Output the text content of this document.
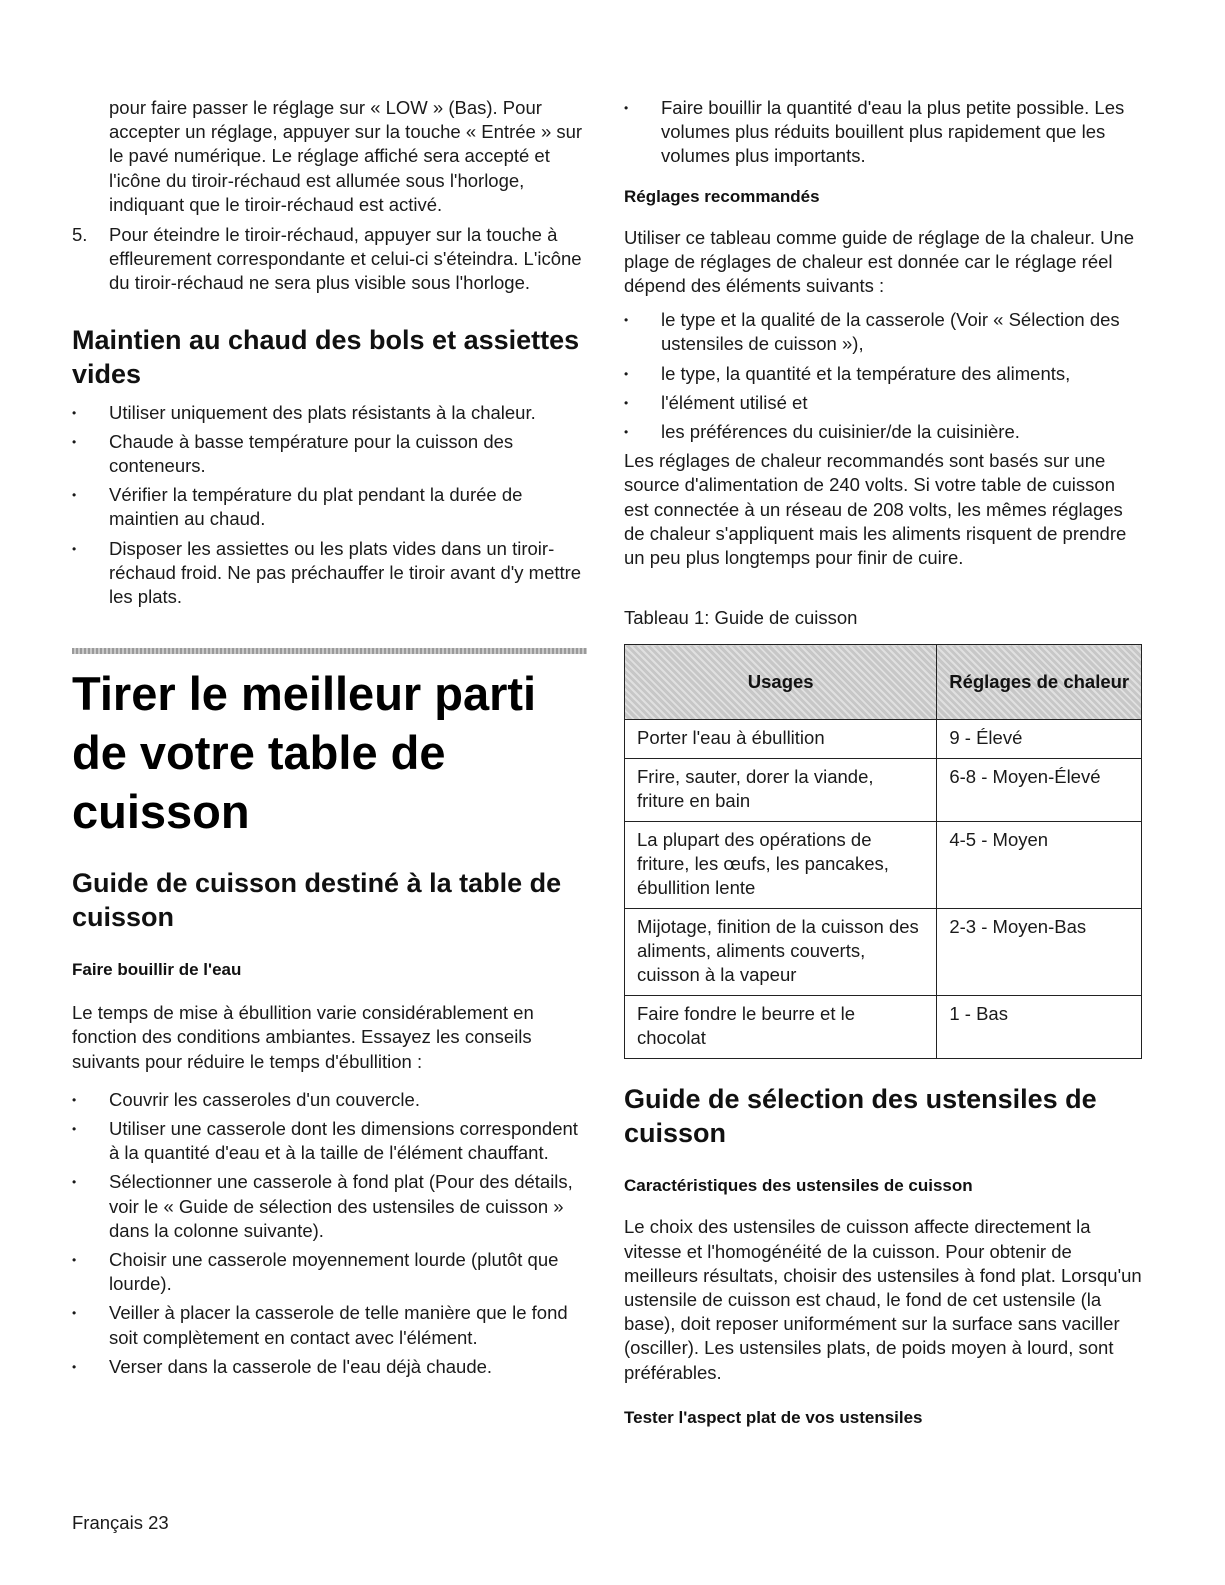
pour faire passer le réglage sur « LOW » (Bas). Pour accepter un réglage, appuyer sur la touche « Entrée » sur le pavé numérique. Le réglage affiché sera accepté et l'icône du tiroir-réchaud est allumée sous l'horloge, indiquant que le tiroir-réchaud est activé.

5. Pour éteindre le tiroir-réchaud, appuyer sur la touche à effleurement correspondante et celui-ci s'éteindra. L'icône du tiroir-réchaud ne sera plus visible sous l'horloge.
Maintien au chaud des bols et assiettes vides
• Utiliser uniquement des plats résistants à la chaleur.
• Chaude à basse température pour la cuisson des conteneurs.
• Vérifier la température du plat pendant la durée de maintien au chaud.
• Disposer les assiettes ou les plats vides dans un tiroir-réchaud froid. Ne pas préchauffer le tiroir avant d'y mettre les plats.
Tirer le meilleur parti de votre table de cuisson
Guide de cuisson destiné à la table de cuisson
Faire bouillir de l'eau

Le temps de mise à ébullition varie considérablement en fonction des conditions ambiantes. Essayez les conseils suivants pour réduire le temps d'ébullition :

• Couvrir les casseroles d'un couvercle.
• Utiliser une casserole dont les dimensions correspondent à la quantité d'eau et à la taille de l'élément chauffant.
• Sélectionner une casserole à fond plat (Pour des détails, voir le « Guide de sélection des ustensiles de cuisson » dans la colonne suivante).
• Choisir une casserole moyennement lourde (plutôt que lourde).
• Veiller à placer la casserole de telle manière que le fond soit complètement en contact avec l'élément.
• Verser dans la casserole de l'eau déjà chaude.
• Faire bouillir la quantité d'eau la plus petite possible. Les volumes plus réduits bouillent plus rapidement que les volumes plus importants.
Réglages recommandés

Utiliser ce tableau comme guide de réglage de la chaleur. Une plage de réglages de chaleur est donnée car le réglage réel dépend des éléments suivants :

• le type et la qualité de la casserole (Voir « Sélection des ustensiles de cuisson »),
• le type, la quantité et la température des aliments,
• l'élément utilisé et
• les préférences du cuisinier/de la cuisinière.

Les réglages de chaleur recommandés sont basés sur une source d'alimentation de 240 volts. Si votre table de cuisson est connectée à un réseau de 208 volts, les mêmes réglages de chaleur s'appliquent mais les aliments risquent de prendre un peu plus longtemps pour finir de cuire.

Tableau 1: Guide de cuisson

Usages	Réglages de chaleur
Porter l'eau à ébullition	9 - Élevé
Frire, sauter, dorer la viande, friture en bain	6-8 - Moyen-Élevé
La plupart des opérations de friture, les œufs, les pancakes, ébullition lente	4-5 - Moyen
Mijotage, finition de la cuisson des aliments, aliments couverts, cuisson à la vapeur	2-3 - Moyen-Bas
Faire fondre le beurre et le chocolat	1 - Bas
Guide de sélection des ustensiles de cuisson
Caractéristiques des ustensiles de cuisson

Le choix des ustensiles de cuisson affecte directement la vitesse et l'homogénéité de la cuisson. Pour obtenir de meilleurs résultats, choisir des ustensiles à fond plat. Lorsqu'un ustensile de cuisson est chaud, le fond de cet ustensile (la base), doit reposer uniformément sur la surface sans vaciller (osciller). Les ustensiles plats, de poids moyen à lourd, sont préférables.

Tester l'aspect plat de vos ustensiles
Français 23
